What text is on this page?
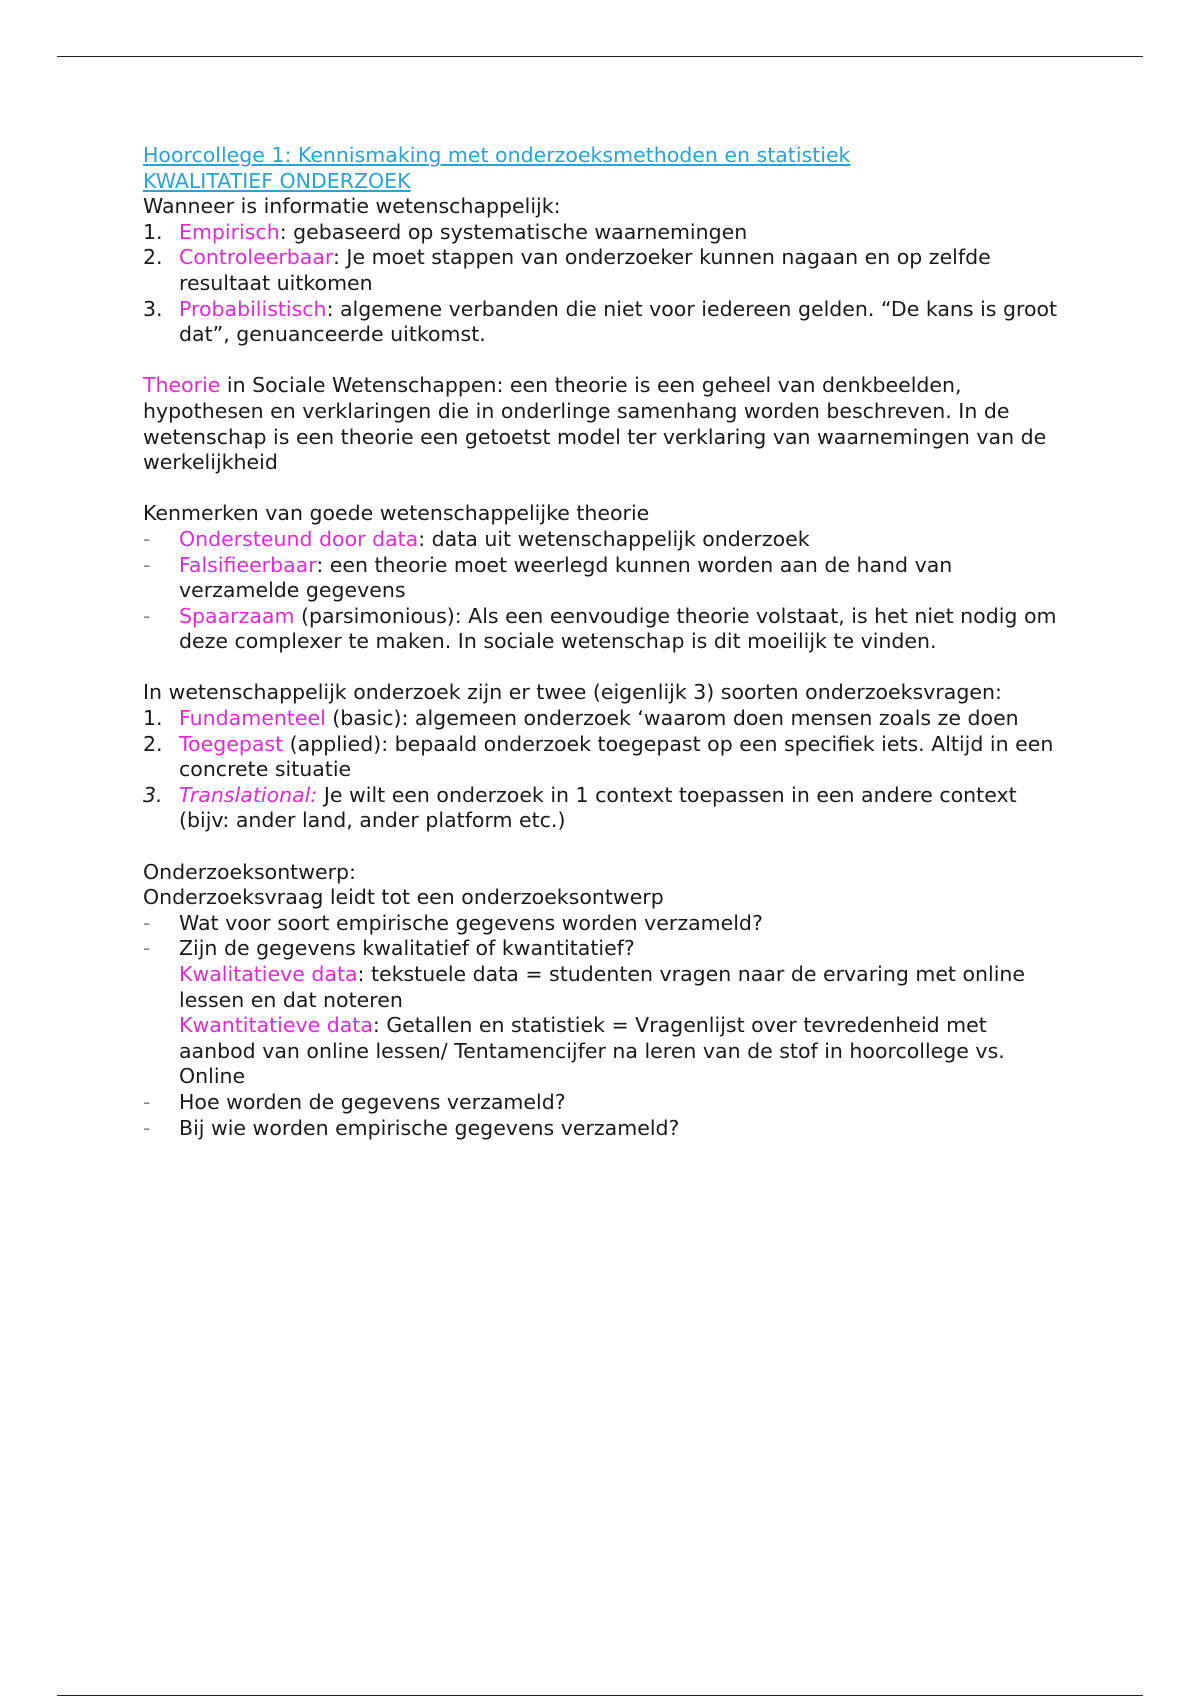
Hoorcollege 1: Kennismaking met onderzoeksmethoden en statistiek
KWALITATIEF ONDERZOEK
Wanneer is informatie wetenschappelijk:
1. Empirisch: gebaseerd op systematische waarnemingen
2. Controleerbaar: Je moet stappen van onderzoeker kunnen nagaan en op zelfde resultaat uitkomen
3. Probabilistisch: algemene verbanden die niet voor iedereen gelden. “De kans is groot dat”, genuanceerde uitkomst.
Theorie in Sociale Wetenschappen: een theorie is een geheel van denkbeelden, hypothesen en verklaringen die in onderlinge samenhang worden beschreven. In de wetenschap is een theorie een getoetst model ter verklaring van waarnemingen van de werkelijkheid
Kenmerken van goede wetenschappelijke theorie
-	Ondersteund door data: data uit wetenschappelijk onderzoek
-	Falsifieerbaar: een theorie moet weerlegd kunnen worden aan de hand van verzamelde gegevens
-	Spaarzaam (parsimonious): Als een eenvoudige theorie volstaat, is het niet nodig om deze complexer te maken. In sociale wetenschap is dit moeilijk te vinden.
In wetenschappelijk onderzoek zijn er twee (eigenlijk 3) soorten onderzoeksvragen:
1. Fundamenteel (basic): algemeen onderzoek ‘waarom doen mensen zoals ze doen
2. Toegepast (applied): bepaald onderzoek toegepast op een specifiek iets. Altijd in een concrete situatie
3. Translational: Je wilt een onderzoek in 1 context toepassen in een andere context (bijv: ander land, ander platform etc.)
Onderzoeksontwerp:
Onderzoeksvraag leidt tot een onderzoeksontwerp
-	Wat voor soort empirische gegevens worden verzameld?
-	Zijn de gegevens kwalitatief of kwantitatief?
Kwalitatieve data: tekstuele data = studenten vragen naar de ervaring met online lessen en dat noteren
Kwantitatieve data: Getallen en statistiek = Vragenlijst over tevredenheid met aanbod van online lessen/ Tentamencijfer na leren van de stof in hoorcollege vs. Online
-	Hoe worden de gegevens verzameld?
-	Bij wie worden empirische gegevens verzameld?
